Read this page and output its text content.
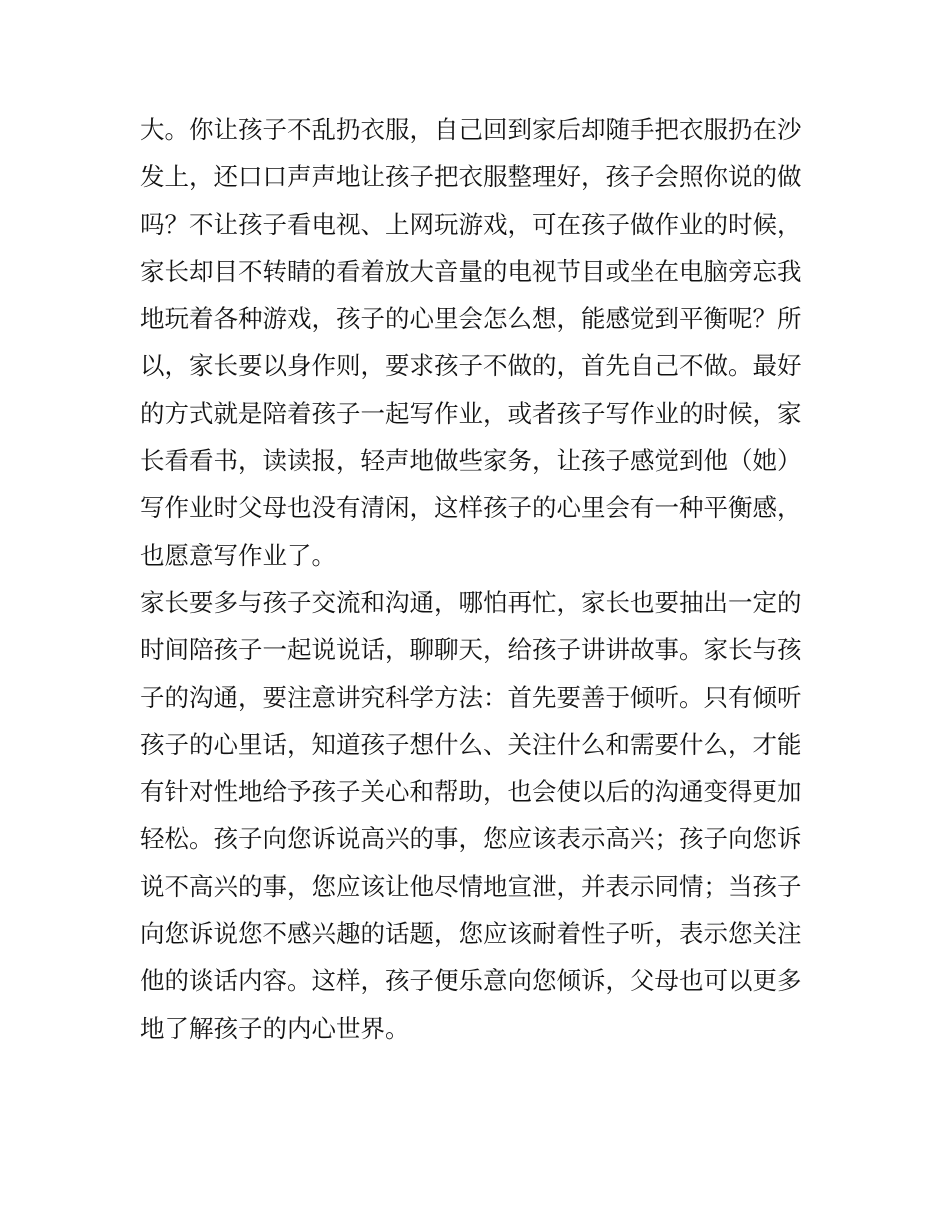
大。你让孩子不乱扔衣服，自己回到家后却随手把衣服扔在沙
发上，还口口声声地让孩子把衣服整理好，孩子会照你说的做
吗？不让孩子看电视、上网玩游戏，可在孩子做作业的时候，
家长却目不转睛的看着放大音量的电视节目或坐在电脑旁忘我
地玩着各种游戏，孩子的心里会怎么想，能感觉到平衡呢？所
以，家长要以身作则，要求孩子不做的，首先自己不做。最好
的方式就是陪着孩子一起写作业，或者孩子写作业的时候，家
长看看书，读读报，轻声地做些家务，让孩子感觉到他（她）
写作业时父母也没有清闲，这样孩子的心里会有一种平衡感，
也愿意写作业了。
家长要多与孩子交流和沟通，哪怕再忙，家长也要抽出一定的
时间陪孩子一起说说话，聊聊天，给孩子讲讲故事。家长与孩
子的沟通，要注意讲究科学方法：首先要善于倾听。只有倾听
孩子的心里话，知道孩子想什么、关注什么和需要什么，才能
有针对性地给予孩子关心和帮助，也会使以后的沟通变得更加
轻松。孩子向您诉说高兴的事，您应该表示高兴；孩子向您诉
说不高兴的事，您应该让他尽情地宣泄，并表示同情；当孩子
向您诉说您不感兴趣的话题，您应该耐着性子听，表示您关注
他的谈话内容。这样，孩子便乐意向您倾诉，父母也可以更多
地了解孩子的内心世界。
